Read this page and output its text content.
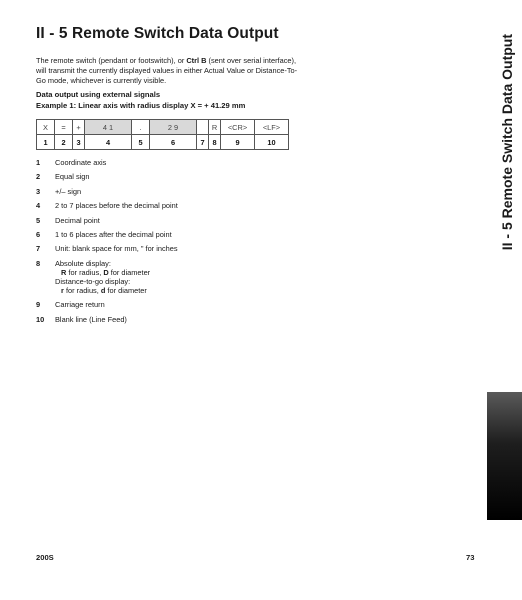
II - 5 Remote Switch Data Output

The remote switch (pendant or footswitch), or Ctrl B (sent over serial interface), will transmit the currently displayed values in either Actual Value or Distance-To-Go mode, whichever is currently visible.

Data output using external signals

Example 1: Linear axis with radius display X = + 41.29 mm

X	=	+	4 1	.	2 9		R	<CR>	<LF>
1	2	3	4	5	6	7	8	9	10
1 Coordinate axis
2 Equal sign
3 +/– sign
4 2 to 7 places before the decimal point
5 Decimal point
6 1 to 6 places after the decimal point
7 Unit: blank space for mm, " for inches
8 Absolute display:
R for radius, D for diameter
Distance-to-go display:
r for radius, d for diameter
9 Carriage return
10 Blank line (Line Feed)
II - 5 Remote Switch Data Output
200S	73
